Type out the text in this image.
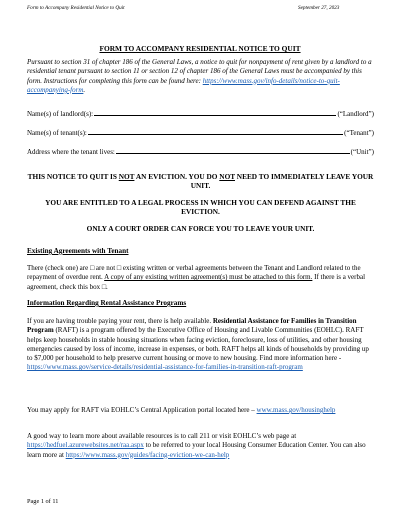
Form to Accompany Residential Notice to Quit	September 27, 2023
FORM TO ACCOMPANY RESIDENTIAL NOTICE TO QUIT
Pursuant to section 31 of chapter 186 of the General Laws, a notice to quit for nonpayment of rent given by a landlord to a residential tenant pursuant to section 11 or section 12 of chapter 186 of the General Laws must be accompanied by this form. Instructions for completing this form can be found here: https://www.mass.gov/info-details/notice-to-quit-accompanying-form.
Name(s) of landlord(s):	(“Landlord”)
Name(s) of tenant(s):	(“Tenant”)
Address where the tenant lives:	(“Unit”)
THIS NOTICE TO QUIT IS NOT AN EVICTION. YOU DO NOT NEED TO IMMEDIATELY LEAVE YOUR UNIT.
YOU ARE ENTITLED TO A LEGAL PROCESS IN WHICH YOU CAN DEFEND AGAINST THE EVICTION.
ONLY A COURT ORDER CAN FORCE YOU TO LEAVE YOUR UNIT.
Existing Agreements with Tenant
There (check one) are □ are not □ existing written or verbal agreements between the Tenant and Landlord related to the repayment of overdue rent. A copy of any existing written agreement(s) must be attached to this form. If there is a verbal agreement, check this box □.
Information Regarding Rental Assistance Programs
If you are having trouble paying your rent, there is help available. Residential Assistance for Families in Transition Program (RAFT) is a program offered by the Executive Office of Housing and Livable Communities (EOHLC). RAFT helps keep households in stable housing situations when facing eviction, foreclosure, loss of utilities, and other housing emergencies caused by loss of income, increase in expenses, or both. RAFT helps all kinds of households by providing up to $7,000 per household to help preserve current housing or move to new housing. Find more information here - https://www.mass.gov/service-details/residential-assistance-for-families-in-transition-raft-program
You may apply for RAFT via EOHLC’s Central Application portal located here – www.mass.gov/housinghelp
A good way to learn more about available resources is to call 211 or visit EOHLC’s web page at https://hedfuel.azurewebsites.net/raa.aspx to be referred to your local Housing Consumer Education Center. You can also learn more at https://www.mass.gov/guides/facing-eviction-we-can-help
Page 1 of 11
